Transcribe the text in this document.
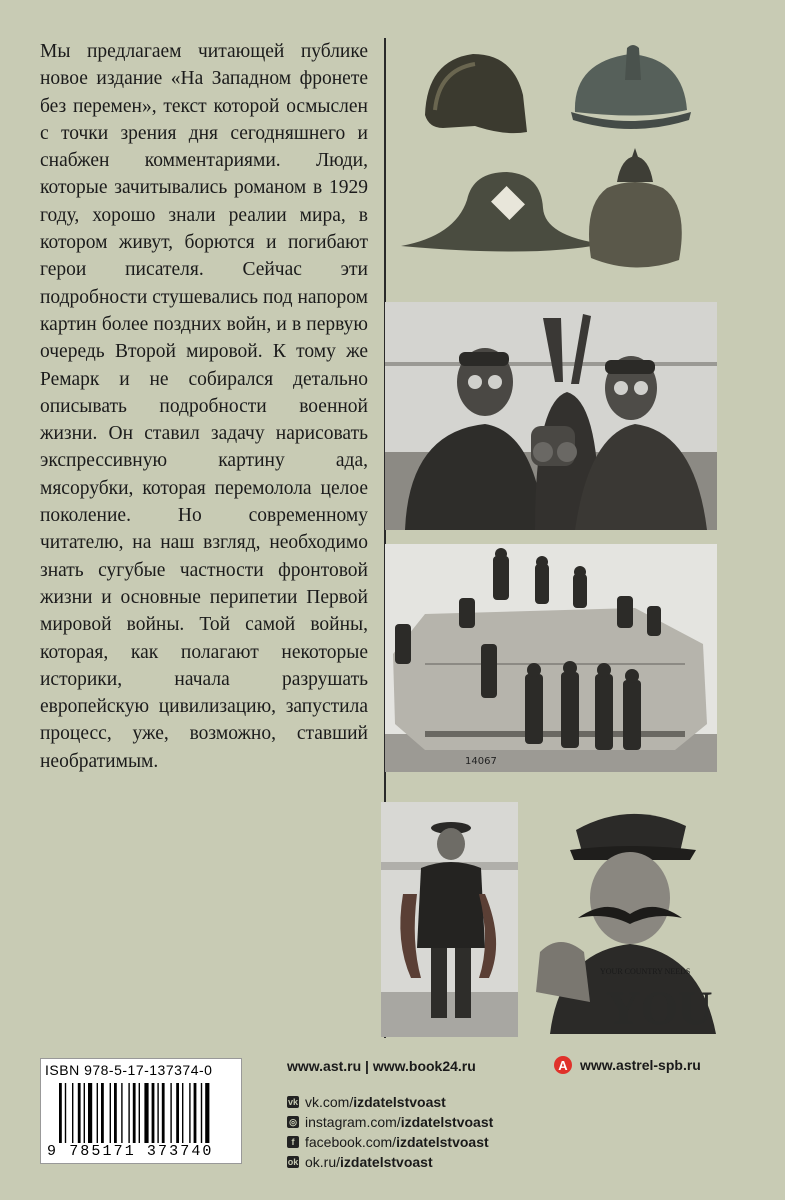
Мы предлагаем читающей публике новое издание «На Западном фронете без перемен», текст которой осмыслен с точки зрения дня сегодняшнего и снабжен комментариями. Люди, которые зачитывались романом в 1929 году, хорошо знали реалии мира, в котором живут, борются и погибают герои писателя. Сейчас эти подробности стушевались под напором картин более поздних войн, и в первую очередь Второй мировой. К тому же Ремарк и не собирался детально описывать подробности военной жизни. Он ставил задачу нарисовать экспрессивную картину ада, мясорубки, которая перемолола целое поколение. Но современному читателю, на наш взгляд, необходимо знать сугубые частности фронтовой жизни и основные перипетии Первой мировой войны. Той самой войны, которая, как полагают некоторые историки, начала разрушать европейскую цивилизацию, запустила процесс, уже, возможно, ставший необратимым.	14067
YOUR COUNTRY NEEDS
YOU
ISBN 978-5-17-137374-0
9 785171 373740
www.ast.ru | www.book24.ru	A www.astrel-spb.ru
vk vk.com/ izdatelstvoast
◎ instagram.com/ izdatelstvoast
f facebook.com/ izdatelstvoast
ok ok.ru/ izdatelstvoast
